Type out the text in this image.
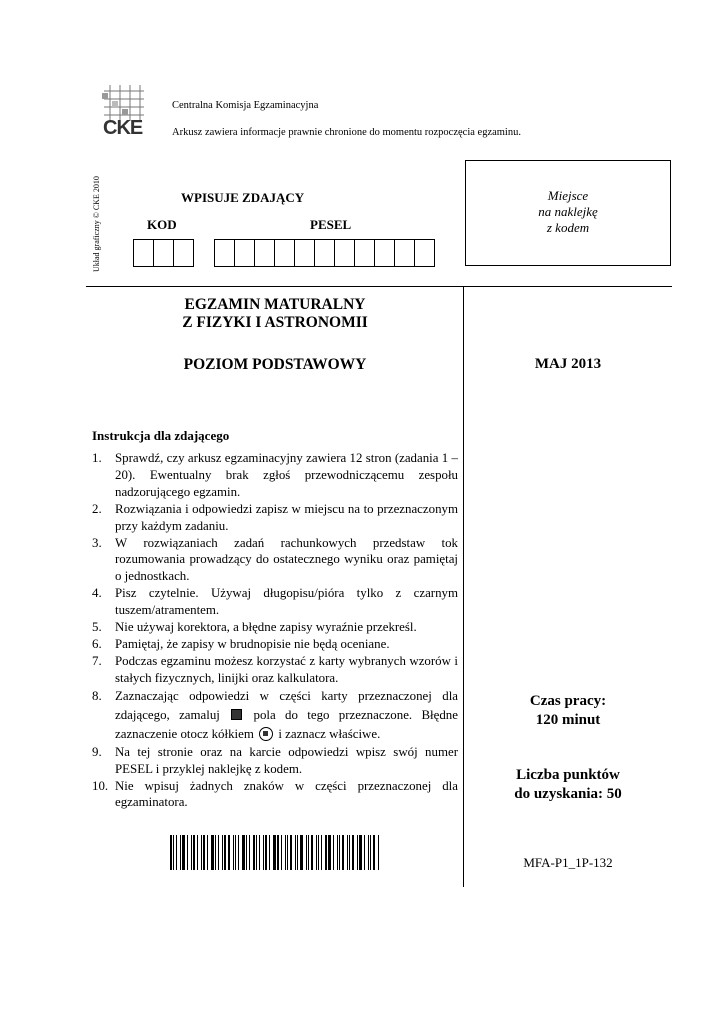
CKE
Centralna Komisja Egzaminacyjna
Arkusz zawiera informacje prawnie chronione do momentu rozpoczęcia egzaminu.
Układ graficzny © CKE 2010	WPISUJE ZDAJĄCY
KOD	PESEL
Miejsce
na naklejkę
z kodem
EGZAMIN MATURALNY
Z FIZYKI I ASTRONOMII
POZIOM PODSTAWOWY	MAJ 2013
Instrukcja dla zdającego
1. Sprawdź, czy arkusz egzaminacyjny zawiera 12 stron (zadania 1 – 20). Ewentualny brak zgłoś przewodniczącemu zespołu nadzorującego egzamin.
2. Rozwiązania i odpowiedzi zapisz w miejscu na to przeznaczonym przy każdym zadaniu.
3. W rozwiązaniach zadań rachunkowych przedstaw tok rozumowania prowadzący do ostatecznego wyniku oraz pamiętaj o jednostkach.
4. Pisz czytelnie. Używaj długopisu/pióra tylko z czarnym tuszem/atramentem.
5. Nie używaj korektora, a błędne zapisy wyraźnie przekreśl.
6. Pamiętaj, że zapisy w brudnopisie nie będą oceniane.
7. Podczas egzaminu możesz korzystać z karty wybranych wzorów i stałych fizycznych, linijki oraz kalkulatora.
8. Zaznaczając odpowiedzi w części karty przeznaczonej dla zdającego, zamaluj	pola do tego przeznaczone. Błędne zaznaczenie otocz kółkiem i zaznacz właściwe.
9. Na tej stronie oraz na karcie odpowiedzi wpisz swój numer PESEL i przyklej naklejkę z kodem.
10. Nie wpisuj żadnych znaków w części przeznaczonej dla egzaminatora.
Czas pracy:
120 minut
Liczba punktów
do uzyskania: 50
MFA-P1_1P-132
